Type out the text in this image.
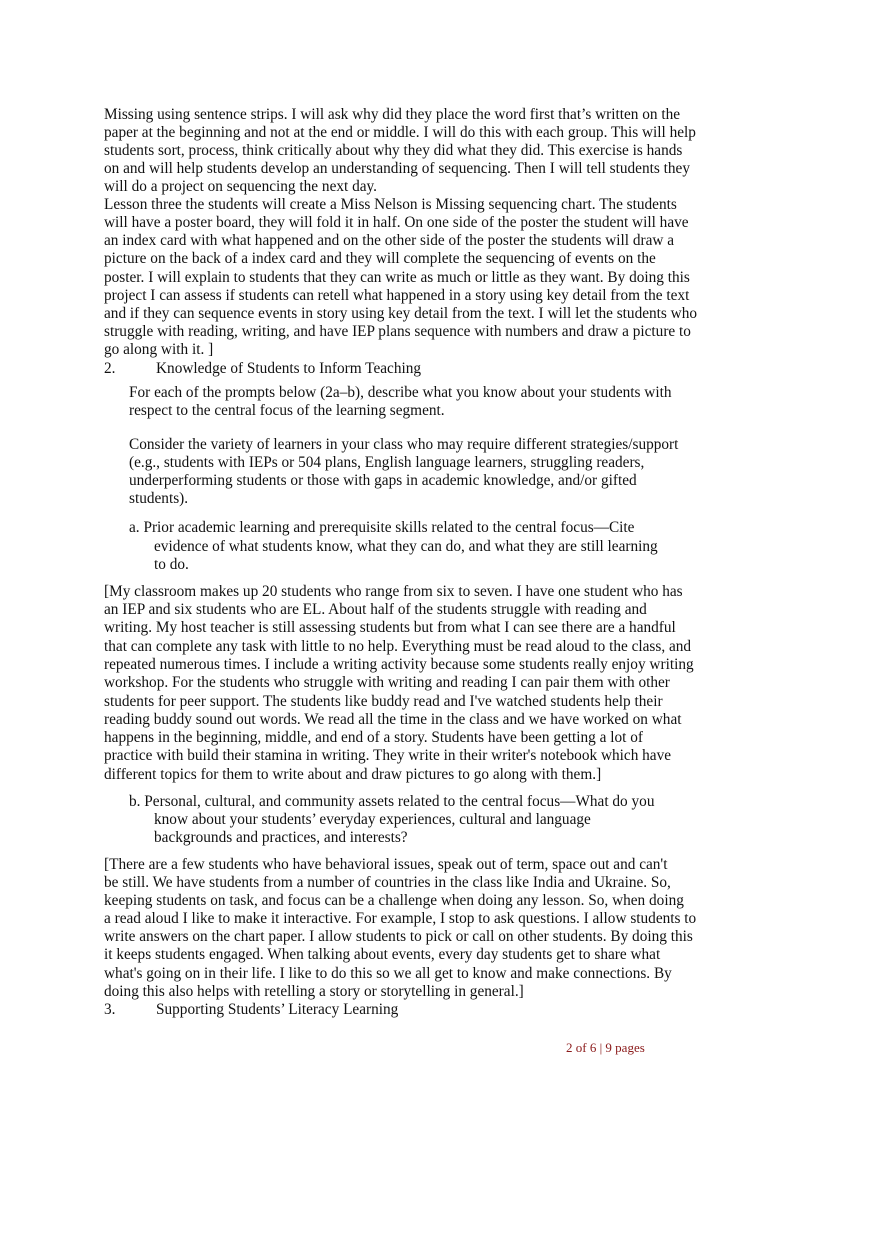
Missing using sentence strips. I will ask why did they place the word first that’s written on the
paper at the beginning and not at the end or middle. I will do this with each group. This will help
students sort, process, think critically about why they did what they did. This exercise is hands
on and will help students develop an understanding of sequencing. Then I will tell students they
will do a project on sequencing the next day.
Lesson three the students will create a Miss Nelson is Missing sequencing chart. The students
will have a poster board, they will fold it in half. On one side of the poster the student will have
an index card with what happened and on the other side of the poster the students will draw a
picture on the back of a index card and they will complete the sequencing of events on the
poster. I will explain to students that they can write as much or little as they want. By doing this
project I can assess if students can retell what happened in a story using key detail from the text
and if they can sequence events in story using key detail from the text. I will let the students who
struggle with reading, writing, and have IEP plans sequence with numbers and draw a picture to
go along with it. ]
2.	Knowledge of Students to Inform Teaching
For each of the prompts below (2a–b), describe what you know about your students with
respect to the central focus of the learning segment.
Consider the variety of learners in your class who may require different strategies/support
(e.g., students with IEPs or 504 plans, English language learners, struggling readers,
underperforming students or those with gaps in academic knowledge, and/or gifted
students).
a. Prior academic learning and prerequisite skills related to the central focus—Cite
evidence of what students know, what they can do, and what they are still learning
to do.
[My classroom makes up 20 students who range from six to seven. I have one student who has
an IEP and six students who are EL. About half of the students struggle with reading and
writing. My host teacher is still assessing students but from what I can see there are a handful
that can complete any task with little to no help. Everything must be read aloud to the class, and
repeated numerous times. I include a writing activity because some students really enjoy writing
workshop. For the students who struggle with writing and reading I can pair them with other
students for peer support. The students like buddy read and I've watched students help their
reading buddy sound out words. We read all the time in the class and we have worked on what
happens in the beginning, middle, and end of a story. Students have been getting a lot of
practice with build their stamina in writing. They write in their writer's notebook which have
different topics for them to write about and draw pictures to go along with them.]
b. Personal, cultural, and community assets related to the central focus—What do you
know about your students’ everyday experiences, cultural and language
backgrounds and practices, and interests?
[There are a few students who have behavioral issues, speak out of term, space out and can't
be still. We have students from a number of countries in the class like India and Ukraine. So,
keeping students on task, and focus can be a challenge when doing any lesson. So, when doing
a read aloud I like to make it interactive. For example, I stop to ask questions. I allow students to
write answers on the chart paper. I allow students to pick or call on other students. By doing this
it keeps students engaged. When talking about events, every day students get to share what
what's going on in their life. I like to do this so we all get to know and make connections. By
doing this also helps with retelling a story or storytelling in general.]
3.	Supporting Students’ Literacy Learning
2 of 6 | 9 pages
